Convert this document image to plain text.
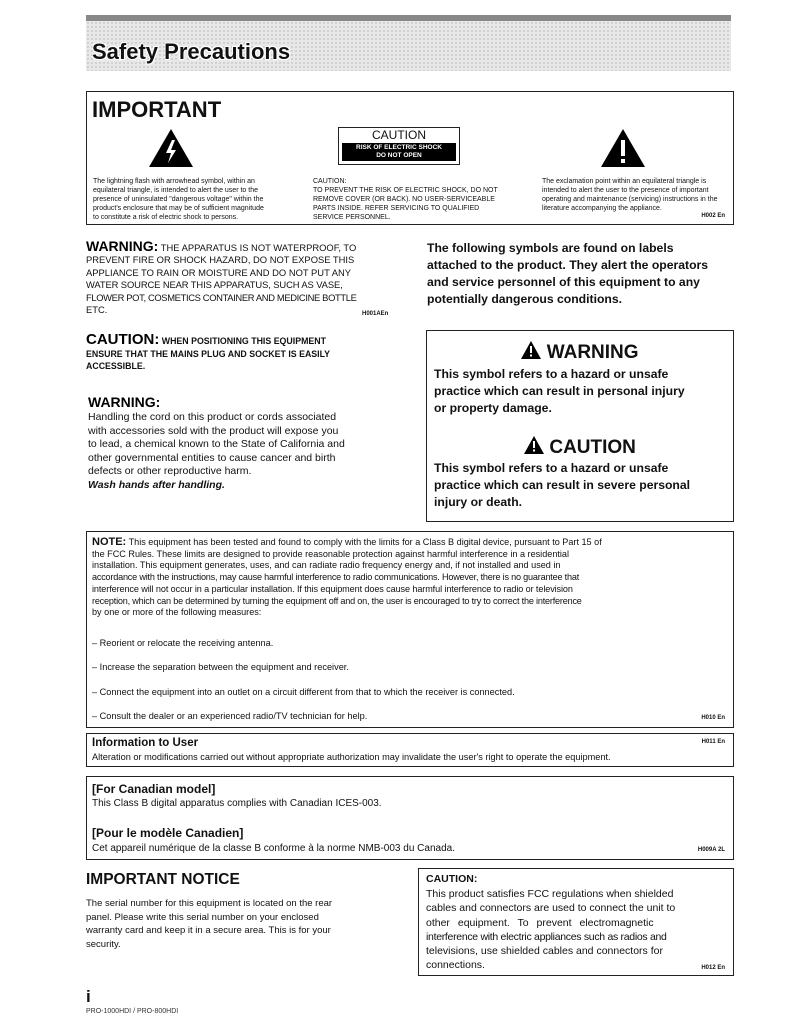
Safety Precautions
IMPORTANT
CAUTION
RISK OF ELECTRIC SHOCK
DO NOT OPEN
The lightning flash with arrowhead symbol, within an
equilateral triangle, is intended to alert the user to the
presence of uninsulated "dangerous voltage" within the
product's enclosure that may be of sufficient magnitude
to constitute a risk of electric shock to persons.
CAUTION:
TO PREVENT THE RISK OF ELECTRIC SHOCK, DO NOT
REMOVE COVER (OR BACK). NO USER-SERVICEABLE
PARTS INSIDE. REFER SERVICING TO QUALIFIED
SERVICE PERSONNEL.
The exclamation point within an equilateral triangle is
intended to alert the user to the presence of important
operating and maintenance (servicing) instructions in the
literature accompanying the appliance.
H002 En
WARNING: THE APPARATUS IS NOT WATERPROOF, TO
PREVENT FIRE OR SHOCK HAZARD, DO NOT EXPOSE THIS
APPLIANCE TO RAIN OR MOISTURE AND DO NOT PUT ANY
WATER SOURCE NEAR THIS APPARATUS, SUCH AS VASE,
FLOWER POT, COSMETICS CONTAINER AND MEDICINE BOTTLE
ETC.	H001AEn
CAUTION: WHEN POSITIONING THIS EQUIPMENT
ENSURE THAT THE MAINS PLUG AND SOCKET IS EASILY
ACCESSIBLE.
WARNING:
Handling the cord on this product or cords associated
with accessories sold with the product will expose you
to lead, a chemical known to the State of California and
other governmental entities to cause cancer and birth
defects or other reproductive harm.
Wash hands after handling.
The following symbols are found on labels
attached to the product. They alert the operators
and service personnel of this equipment to any
potentially dangerous conditions.
WARNING
This symbol refers to a hazard or unsafe
practice which can result in personal injury
or property damage.
CAUTION
This symbol refers to a hazard or unsafe
practice which can result in severe personal
injury or death.
NOTE: This equipment has been tested and found to comply with the limits for a Class B digital device, pursuant to Part 15 of
the FCC Rules. These limits are designed to provide reasonable protection against harmful interference in a residential
installation. This equipment generates, uses, and can radiate radio frequency energy and, if not installed and used in
accordance with the instructions, may cause harmful interference to radio communications. However, there is no guarantee that
interference will not occur in a particular installation. If this equipment does cause harmful interference to radio or television
reception, which can be determined by turning the equipment off and on, the user is encouraged to try to correct the interference
by one or more of the following measures:
– Reorient or relocate the receiving antenna.
– Increase the separation between the equipment and receiver.
– Connect the equipment into an outlet on a circuit different from that to which the receiver is connected.
– Consult the dealer or an experienced radio/TV technician for help.	H010 En
Information to User	H011 En
Alteration or modifications carried out without appropriate authorization may invalidate the user's right to operate the equipment.
[For Canadian model]
This Class B digital apparatus complies with Canadian ICES-003.
[Pour le modèle Canadien]
Cet appareil numérique de la classe B conforme à la norme NMB-003 du Canada.	H009A 2L
IMPORTANT NOTICE
The serial number for this equipment is located on the rear
panel. Please write this serial number on your enclosed
warranty card and keep it in a secure area. This is for your
security.
CAUTION:
This product satisfies FCC regulations when shielded
cables and connectors are used to connect the unit to
other equipment. To prevent electromagnetic
interference with electric appliances such as radios and
televisions, use shielded cables and connectors for
connections.	H012 En
i
PRO-1000HDI / PRO-800HDI
